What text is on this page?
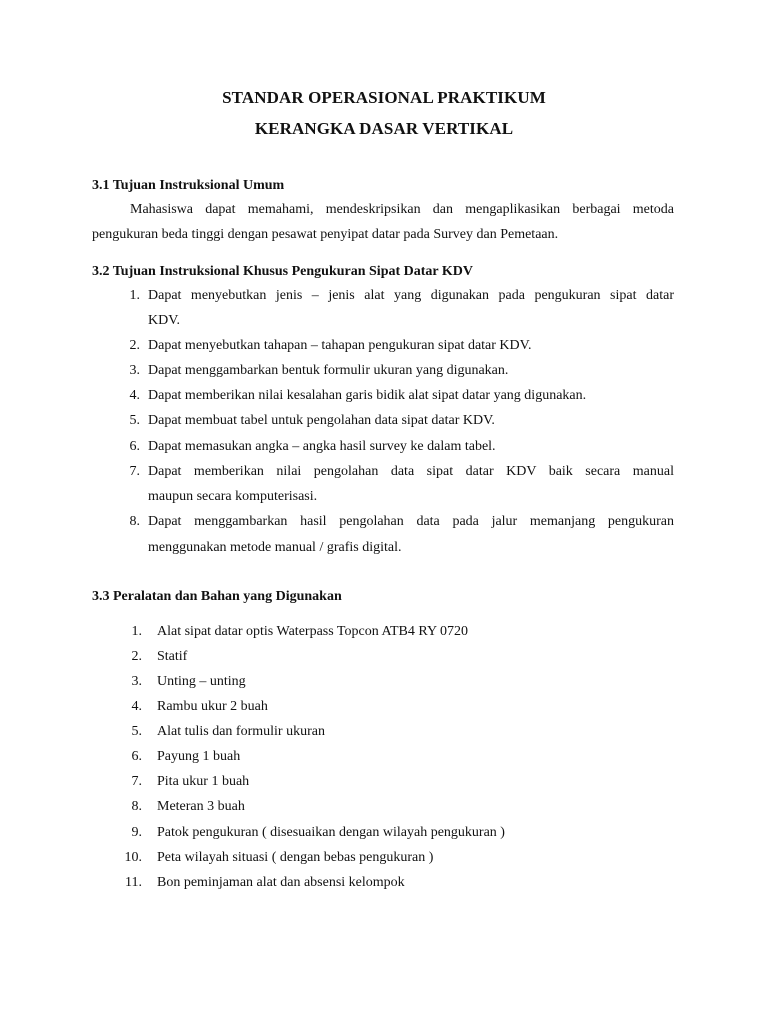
STANDAR OPERASIONAL PRAKTIKUM
KERANGKA DASAR VERTIKAL
3.1 Tujuan Instruksional Umum
Mahasiswa dapat memahami, mendeskripsikan dan mengaplikasikan berbagai metoda
pengukuran beda tinggi dengan pesawat penyipat datar pada Survey dan Pemetaan.
3.2 Tujuan Instruksional Khusus Pengukuran Sipat Datar KDV
1. Dapat menyebutkan jenis – jenis alat yang digunakan pada pengukuran sipat datar
KDV.
2. Dapat menyebutkan tahapan – tahapan pengukuran sipat datar KDV.
3. Dapat menggambarkan bentuk formulir ukuran yang digunakan.
4. Dapat memberikan nilai kesalahan garis bidik alat sipat datar yang digunakan.
5. Dapat membuat tabel untuk pengolahan data sipat datar KDV.
6. Dapat memasukan angka – angka hasil survey ke dalam tabel.
7. Dapat memberikan nilai pengolahan data sipat datar KDV baik secara manual
maupun secara komputerisasi.
8. Dapat menggambarkan hasil pengolahan data pada jalur memanjang pengukuran
menggunakan metode manual / grafis digital.
3.3 Peralatan dan Bahan yang Digunakan
1. Alat sipat datar optis Waterpass Topcon ATB4 RY 0720
2. Statif
3. Unting – unting
4. Rambu ukur 2 buah
5. Alat tulis dan formulir ukuran
6. Payung 1 buah
7. Pita ukur 1 buah
8. Meteran 3 buah
9. Patok pengukuran ( disesuaikan dengan wilayah pengukuran )
10. Peta wilayah situasi ( dengan bebas pengukuran )
11. Bon peminjaman alat dan absensi kelompok
